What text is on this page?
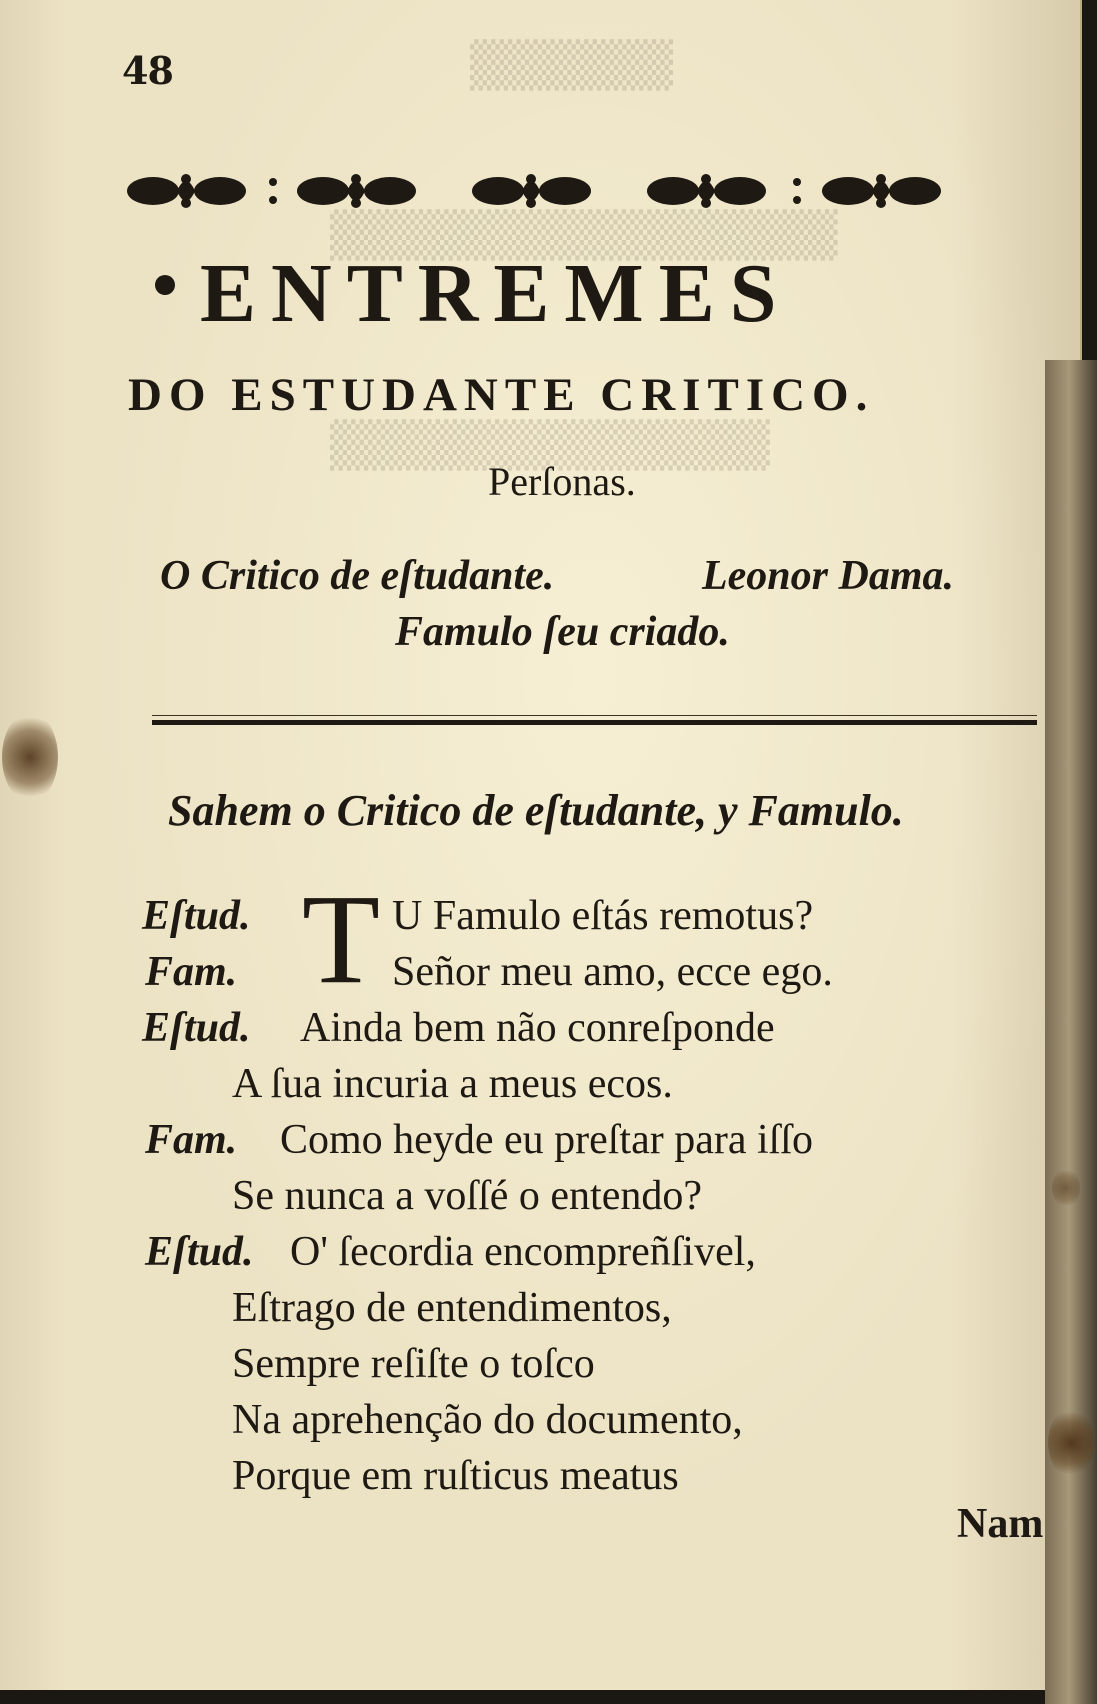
▒▒▒▒▒▒
▒▒▒▒▒▒▒▒▒▒▒▒▒▒▒
▒▒▒▒▒▒▒▒▒▒▒▒▒
48
ENTREMES
DO ESTUDANTE CRITICO.
Perſonas.
O Critico de eſtudante.	Leonor Dama.
Famulo ſeu criado.
Sahem o Critico de eſtudante, y Famulo.
T
Eſtud.	U Famulo eſtás remotus?
Fam.	Señor meu amo, ecce ego.
Eſtud. Ainda bem não conreſponde
A ſua incuria a meus ecos.
Fam. Como heyde eu preſtar para iſſo
Se nunca a voſſé o entendo?
Eſtud. O' ſecordia encompreñſivel,
Eſtrago de entendimentos,
Sempre reſiſte o toſco
Na aprehenção do documento,
Porque em ruſticus meatus
Nam
